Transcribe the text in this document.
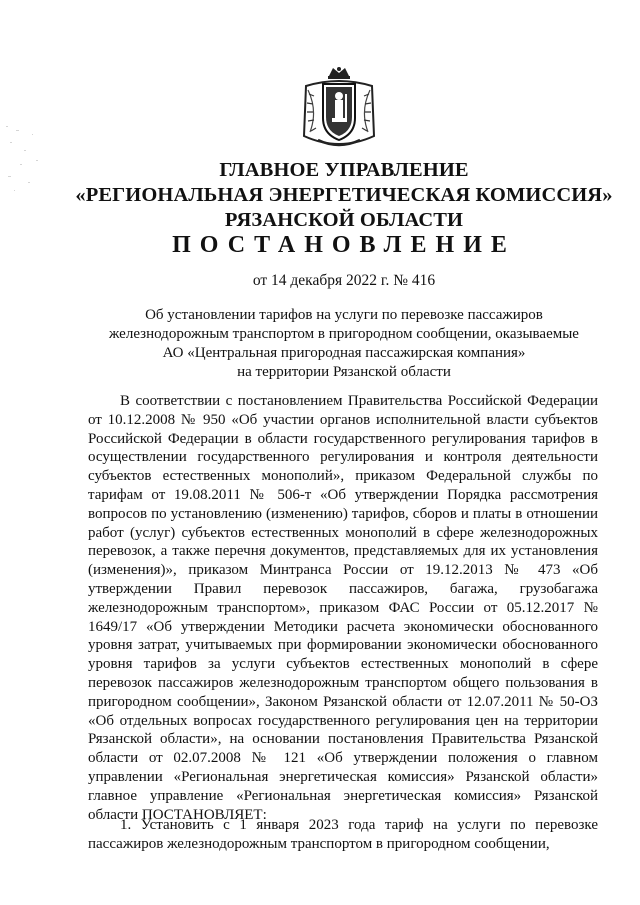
ГЛАВНОЕ УПРАВЛЕНИЕ
«РЕГИОНАЛЬНАЯ ЭНЕРГЕТИЧЕСКАЯ КОМИССИЯ»
РЯЗАНСКОЙ ОБЛАСТИ
ПОСТАНОВЛЕНИЕ
от 14 декабря 2022 г. № 416
Об установлении тарифов на услуги по перевозке пассажиров
железнодорожным транспортом в пригородном сообщении, оказываемые
АО «Центральная пригородная пассажирская компания»
на территории Рязанской области

В соответствии с постановлением Правительства Российской Федерации от 10.12.2008 № 950 «Об участии органов исполнительной власти субъектов Российской Федерации в области государственного регулирования тарифов в осуществлении государственного регулирования и контроля деятельности субъектов естественных монополий», приказом Федеральной службы по тарифам от 19.08.2011 № 506-т «Об утверждении Порядка рассмотрения вопросов по установлению (изменению) тарифов, сборов и платы в отношении работ (услуг) субъектов естественных монополий в сфере железнодорожных перевозок, а также перечня документов, представляемых для их установления (изменения)», приказом Минтранса России от 19.12.2013 № 473 «Об утверждении Правил перевозок пассажиров, багажа, грузобагажа железнодорожным транспортом», приказом ФАС России от 05.12.2017 № 1649/17 «Об утверждении Методики расчета экономически обоснованного уровня затрат, учитываемых при формировании экономически обоснованного уровня тарифов за услуги субъектов естественных монополий в сфере перевозок пассажиров железнодорожным транспортом общего пользования в пригородном сообщении», Законом Рязанской области от 12.07.2011 № 50-ОЗ «Об отдельных вопросах государственного регулирования цен на территории Рязанской области», на основании постановления Правительства Рязанской области от 02.07.2008 № 121 «Об утверждении положения о главном управлении «Региональная энергетическая комиссия» Рязанской области» главное управление «Региональная энергетическая комиссия» Рязанской области ПОСТАНОВЛЯЕТ:

1. Установить с 1 января 2023 года тариф на услуги по перевозке пассажиров железнодорожным транспортом в пригородном сообщении,
